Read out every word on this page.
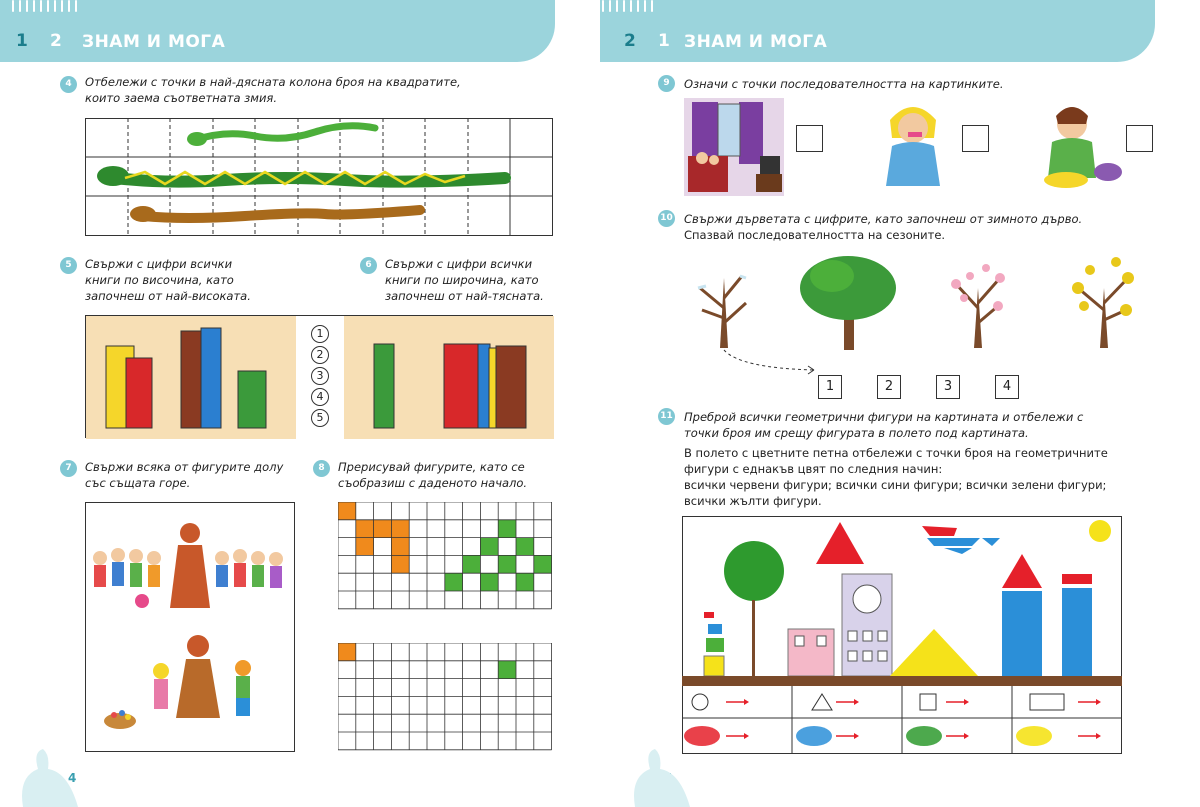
1 2 ЗНАМ И МОГА
4	Отбележи с точки в най-дясната колона броя на квадратите, които заема съответната змия.
5	Свържи с цифри всички книги по височина, като започнеш от най-високата.
6	Свържи с цифри всички книги по широчина, като започнеш от най-тясната.
1
2
3
4
5
7	Свържи всяка от фигурите долу със същата горе.
8	Прерисувай фигурите, като се съобразиш с даденото начало.
4
2 1 ЗНАМ И МОГА
9	Означи с точки последователността на картинките.
10 Свържи дърветата с цифрите, като започнеш от зимното дърво.
Спазвай последователността на сезоните.
1	2	3	4
11 Преброй всички геометрични фигури на картината и отбележи с точки броя им срещу фигурата в полето под картината.
В полето с цветните петна отбележи с точки броя на геометричните фигури с еднакъв цвят по следния начин:
всички червени фигури; всички сини фигури; всички зелени фигури;
всички жълти фигури.
